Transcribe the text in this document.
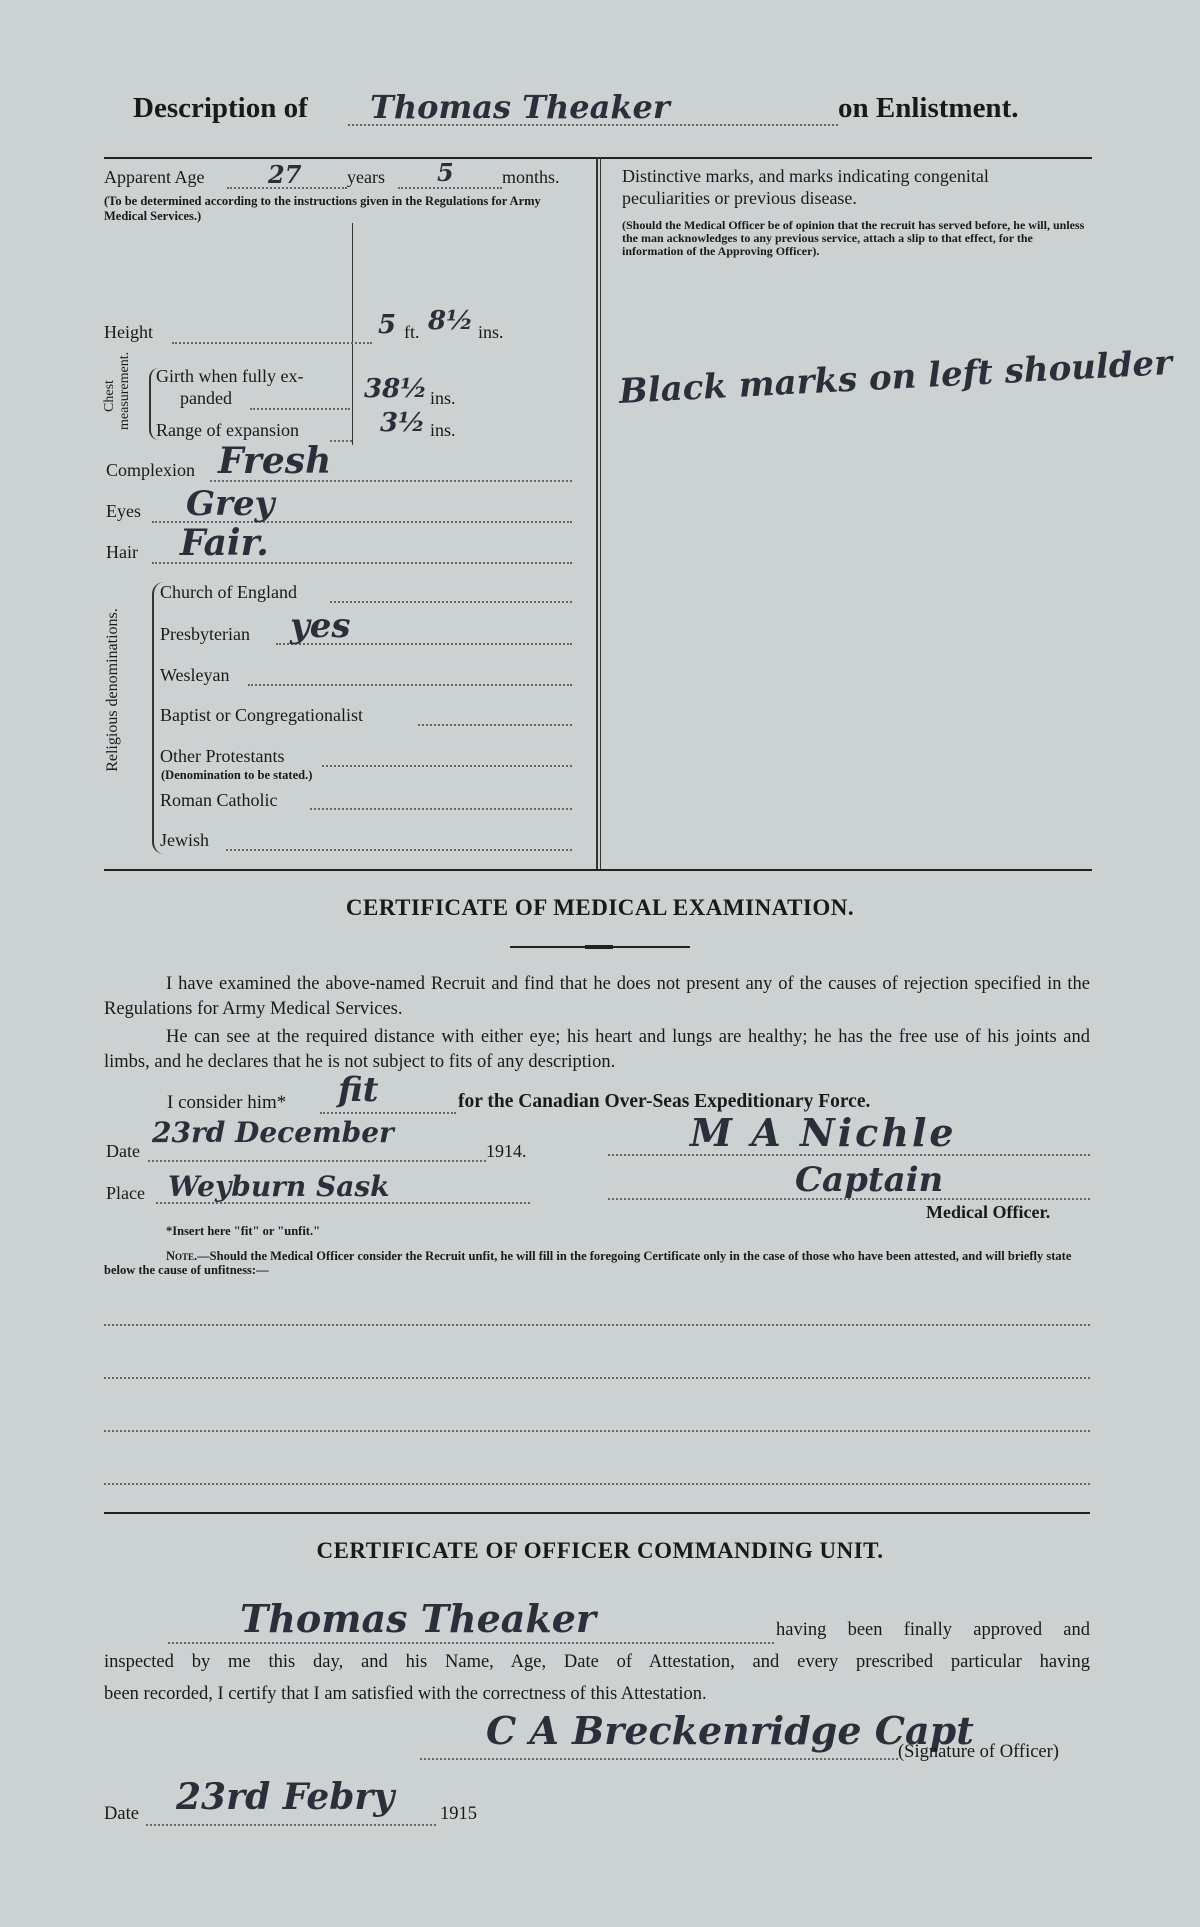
Description of Thomas Theaker	on Enlistment.
Apparent Age	27	years 5	months.
(To be determined according to the instructions given in the Regulations for Army Medical Services.)
Height	5 ft. 8½ ins.
Chest measurement. Girth when fully ex-
panded	38½ ins.
Range of expansion	3½ ins.
Complexion Fresh
Eyes Grey
Hair Fair.
Religious denominations.
Church of England
Presbyterian yes
Wesleyan
Baptist or Congregationalist
Other Protestants
(Denomination to be stated.)
Roman Catholic
Jewish
Distinctive marks, and marks indicating congenital
peculiarities or previous disease.
(Should the Medical Officer be of opinion that the recruit has served before, he will, unless the man acknowledges to any previous service, attach a slip to that effect, for the information of the Approving Officer).
Black marks on left shoulder
CERTIFICATE OF MEDICAL EXAMINATION.
I have examined the above-named Recruit and find that he does not present any of the causes of rejection specified in the Regulations for Army Medical Services.
He can see at the required distance with either eye; his heart and lungs are healthy; he has the free use of his joints and limbs, and he declares that he is not subject to fits of any description.
I consider him* fit	for the Canadian Over-Seas Expeditionary Force.
Date
23rd December
1914.	M A Nichle
Place Weyburn Sask	Captain
Medical Officer.
*Insert here "fit" or "unfit."
Note.—Should the Medical Officer consider the Recruit unfit, he will fill in the foregoing Certificate only in the case of those who have been attested, and will briefly state below the cause of unfitness:—
CERTIFICATE OF OFFICER COMMANDING UNIT.
Thomas Theaker	having been finally approved and
inspected by me this day, and his Name, Age, Date of Attestation, and every prescribed particular having
been recorded, I certify that I am satisfied with the correctness of this Attestation.
C A Breckenridge Capt
(Signature of Officer)
Date 23rd Febry 1915
